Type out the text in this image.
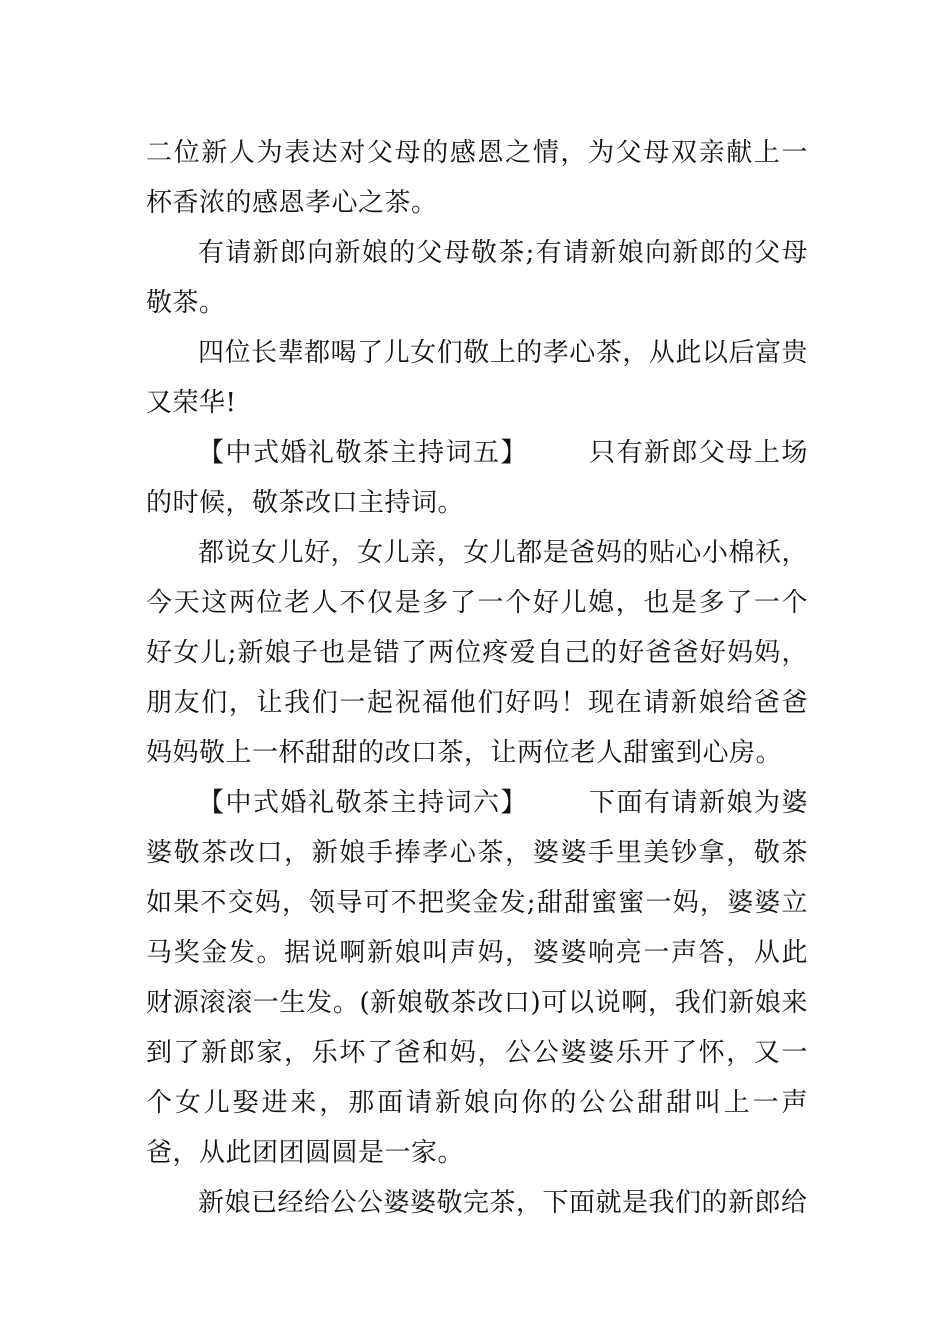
二位新人为表达对父母的感恩之情，为父母双亲献上一杯香浓的感恩孝心之茶。

有请新郎向新娘的父母敬茶;有请新娘向新郎的父母敬茶。

四位长辈都喝了儿女们敬上的孝心茶，从此以后富贵又荣华!

【中式婚礼敬茶主持词五】 只有新郎父母上场的时候，敬茶改口主持词。

都说女儿好，女儿亲，女儿都是爸妈的贴心小棉袄，今天这两位老人不仅是多了一个好儿媳，也是多了一个好女儿;新娘子也是错了两位疼爱自己的好爸爸好妈妈，朋友们，让我们一起祝福他们好吗！现在请新娘给爸爸妈妈敬上一杯甜甜的改口茶，让两位老人甜蜜到心房。

【中式婚礼敬茶主持词六】 下面有请新娘为婆婆敬茶改口，新娘手捧孝心茶，婆婆手里美钞拿，敬茶如果不交妈，领导可不把奖金发;甜甜蜜蜜一妈，婆婆立马奖金发。据说啊新娘叫声妈，婆婆响亮一声答，从此财源滚滚一生发。(新娘敬茶改口)可以说啊，我们新娘来到了新郎家，乐坏了爸和妈，公公婆婆乐开了怀，又一个女儿娶进来，那面请新娘向你的公公甜甜叫上一声爸，从此团团圆圆是一家。

新娘已经给公公婆婆敬完茶，下面就是我们的新郎给
